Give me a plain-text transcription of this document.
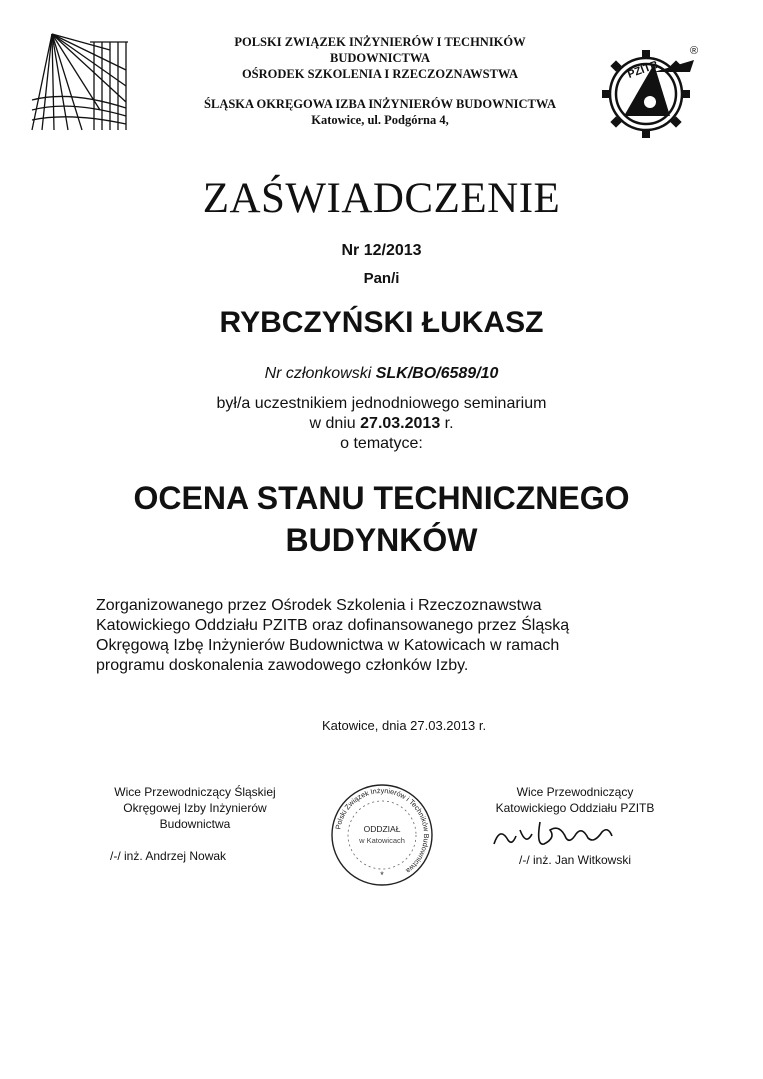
POLSKI ZWIĄZEK INŻYNIERÓW I TECHNIKÓW
BUDOWNICTWA
OŚRODEK SZKOLENIA I RZECZOZNAWSTWA
ŚLĄSKA OKRĘGOWA IZBA INŻYNIERÓW BUDOWNICTWA
Katowice, ul. Podgórna 4,
PZITB
®
ZAŚWIADCZENIE
Nr 12/2013
Pan/i
RYBCZYŃSKI ŁUKASZ
Nr członkowski SLK/BO/6589/10
był/a uczestnikiem jednodniowego seminarium
w dniu 27.03.2013 r.
o tematyce:
OCENA STANU TECHNICZNEGO
BUDYNKÓW
Zorganizowanego przez Ośrodek Szkolenia i Rzeczoznawstwa
Katowickiego Oddziału PZITB oraz dofinansowanego przez Śląską
Okręgową Izbę Inżynierów Budownictwa w Katowicach w ramach
programu doskonalenia zawodowego członków Izby.
Katowice, dnia 27.03.2013 r.
Wice Przewodniczący Śląskiej
Okręgowej Izby Inżynierów
Budownictwa
/-/ inż. Andrzej Nowak
Polski Związek Inżynierów i Techników Budownictwa
ODDZIAŁ
w Katowicach
*
Wice Przewodniczący
Katowickiego Oddziału PZITB
/-/ inż. Jan Witkowski
